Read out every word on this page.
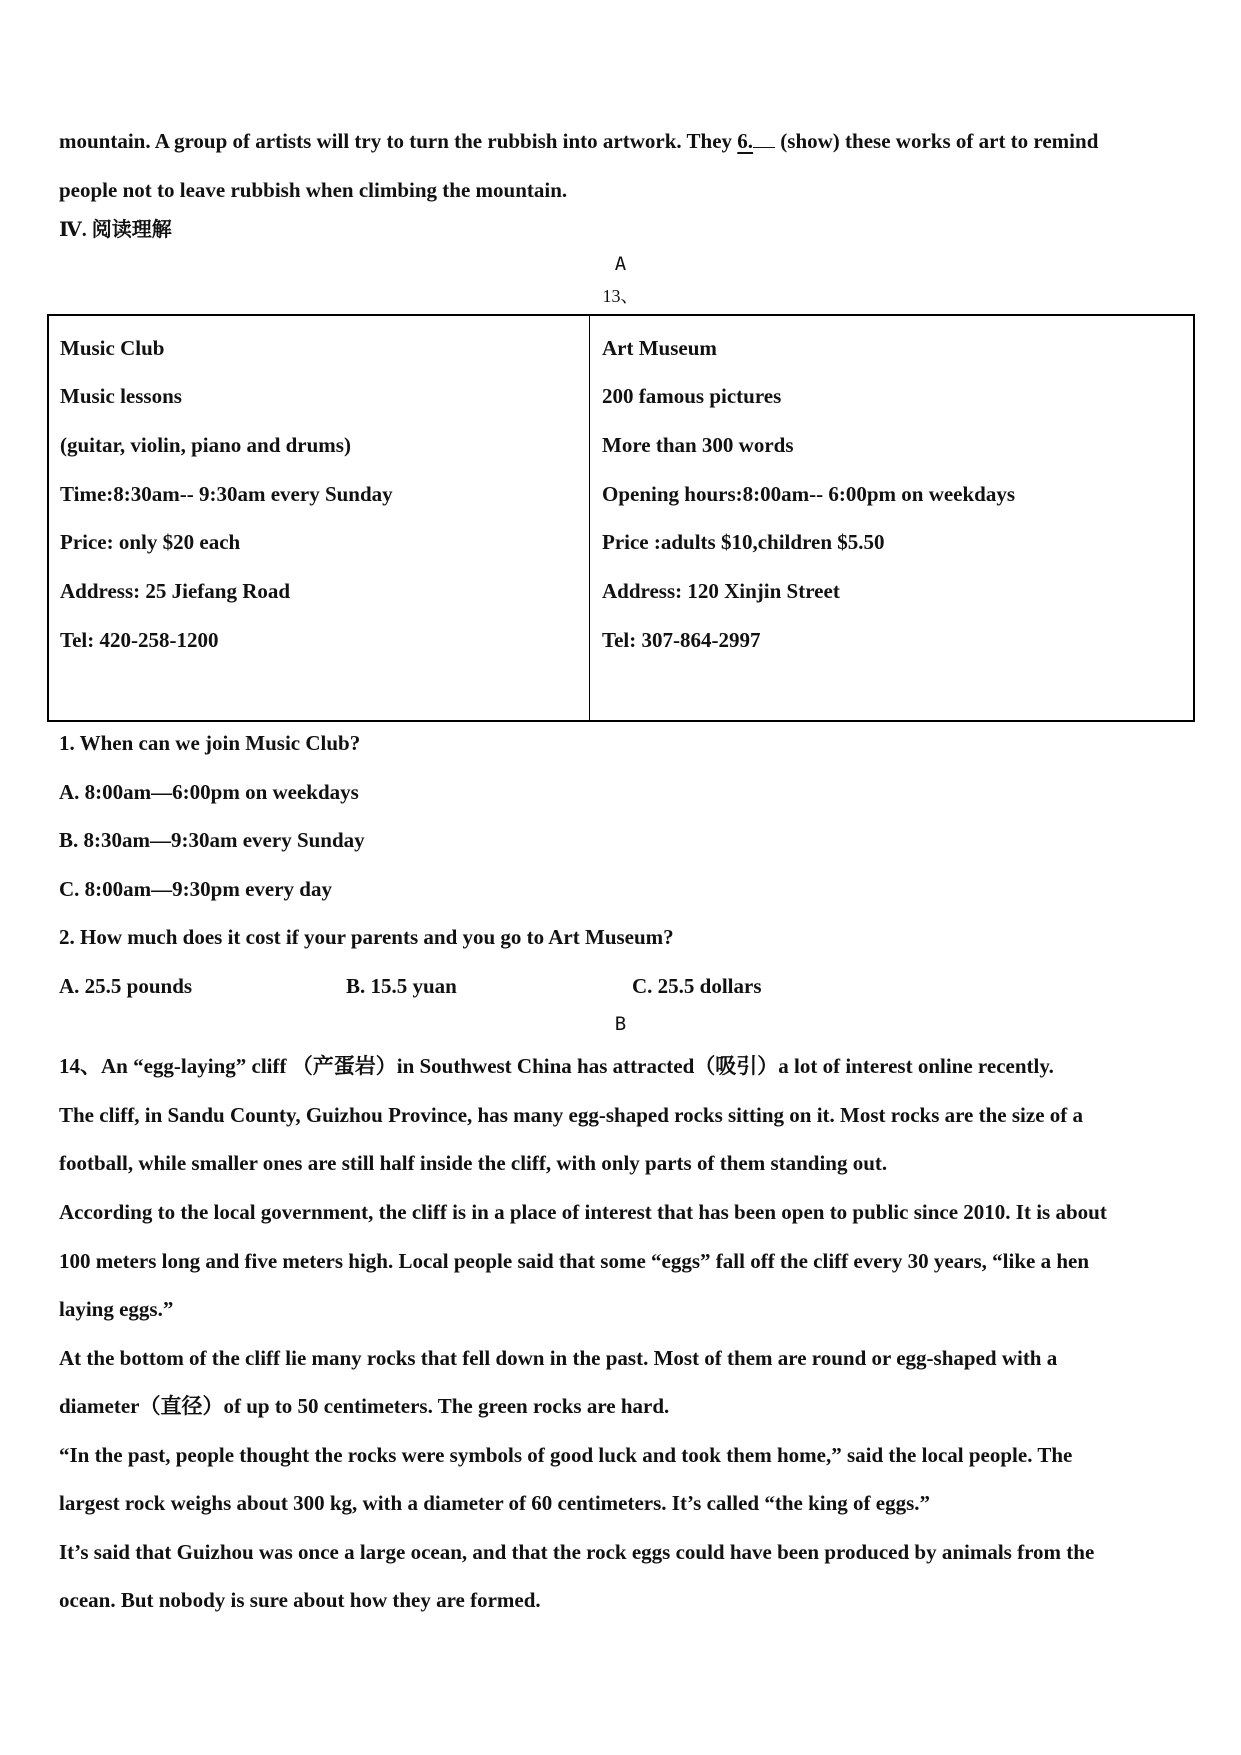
mountain. A group of artists will try to turn the rubbish into artwork. They 6. (show) these works of art to remind
people not to leave rubbish when climbing the mountain.
Ⅳ. 阅读理解
A
13、
Music Club
Music lessons
(guitar, violin, piano and drums)
Time:8:30am-- 9:30am every Sunday
Price: only $20 each
Address: 25 Jiefang Road
Tel: 420-258-1200
Art Museum
200 famous pictures
More than 300 words
Opening hours:8:00am-- 6:00pm on weekdays
Price :adults $10,children $5.50
Address: 120 Xinjin Street
Tel: 307-864-2997
1. When can we join Music Club?
A. 8:00am—6:00pm on weekdays
B. 8:30am—9:30am every Sunday
C. 8:00am—9:30pm every day
2. How much does it cost if your parents and you go to Art Museum?
A. 25.5 pounds	B. 15.5 yuan	C. 25.5 dollars
B
14、An “egg-laying” cliff （产蛋岩）in Southwest China has attracted（吸引）a lot of interest online recently.
The cliff, in Sandu County, Guizhou Province, has many egg-shaped rocks sitting on it. Most rocks are the size of a
football, while smaller ones are still half inside the cliff, with only parts of them standing out.
According to the local government, the cliff is in a place of interest that has been open to public since 2010. It is about
100 meters long and five meters high. Local people said that some “eggs” fall off the cliff every 30 years, “like a hen
laying eggs.”
At the bottom of the cliff lie many rocks that fell down in the past. Most of them are round or egg-shaped with a
diameter（直径）of up to 50 centimeters. The green rocks are hard.
“In the past, people thought the rocks were symbols of good luck and took them home,” said the local people. The
largest rock weighs about 300 kg, with a diameter of 60 centimeters. It’s called “the king of eggs.”
It’s said that Guizhou was once a large ocean, and that the rock eggs could have been produced by animals from the
ocean. But nobody is sure about how they are formed.
